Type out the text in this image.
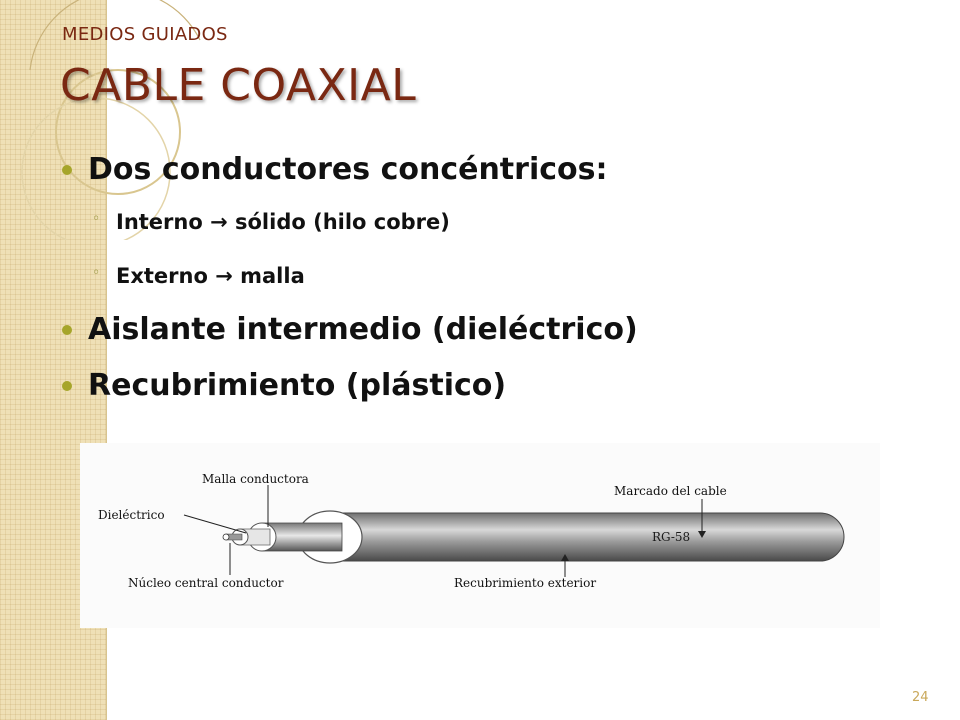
MEDIOS GUIADOS
CABLE COAXIAL
Dos conductores concéntricos:
◦ Interno → sólido (hilo cobre)
◦ Externo → malla
Aislante intermedio (dieléctrico)
Recubrimiento (plástico)
Malla conductora
Dieléctrico
Núcleo central conductor	Recubrimiento exterior
Marcado del cable
RG-58
24
